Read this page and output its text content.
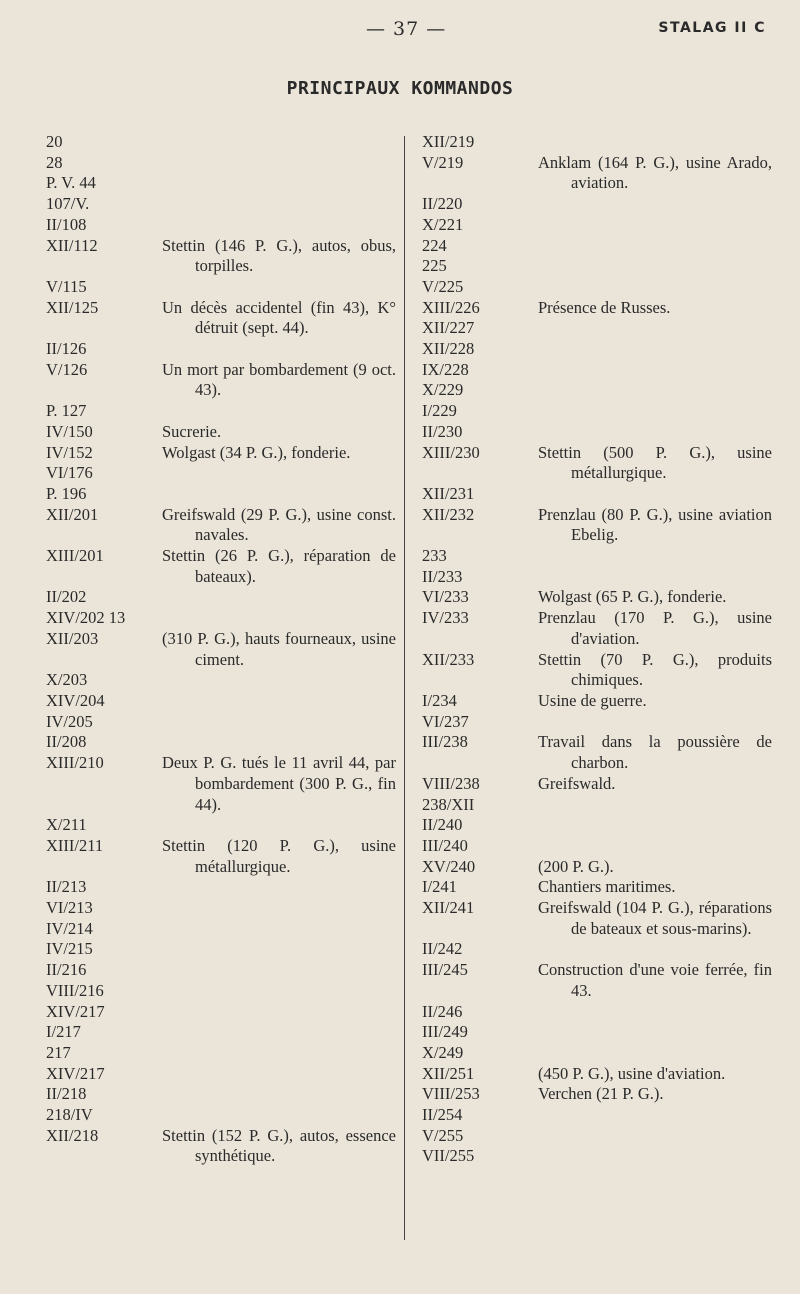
— 37 —	STALAG II C
PRINCIPAUX KOMMANDOS
20
28
P. V. 44
107/V.
II/108
XII/112	Stettin (146 P. G.), autos, obus, torpilles.
V/115
XII/125	Un décès accidentel (fin 43), K° détruit (sept. 44).
II/126
V/126	Un mort par bombardement (9 oct. 43).
P. 127
IV/150	Sucrerie.
IV/152	Wolgast (34 P. G.), fonderie.
VI/176
P. 196
XII/201	Greifswald (29 P. G.), usine const. navales.
XIII/201	Stettin (26 P. G.), réparation de bateaux).
II/202
XIV/202 13
XII/203	(310 P. G.), hauts fourneaux, usine ciment.
X/203
XIV/204
IV/205
II/208
XIII/210	Deux P. G. tués le 11 avril 44, par bombardement (300 P. G., fin 44).
X/211
XIII/211	Stettin (120 P. G.), usine métallurgique.
II/213
VI/213
IV/214
IV/215
II/216
VIII/216
XIV/217
I/217
217
XIV/217
II/218
218/IV
XII/218	Stettin (152 P. G.), autos, essence synthétique.
XII/219
V/219	Anklam (164 P. G.), usine Arado, aviation.
II/220
X/221
224
225
V/225
XIII/226	Présence de Russes.
XII/227
XII/228
IX/228
X/229
I/229
II/230
XIII/230	Stettin (500 P. G.), usine métallurgique.
XII/231
XII/232	Prenzlau (80 P. G.), usine aviation Ebelig.
233
II/233
VI/233	Wolgast (65 P. G.), fonderie.
IV/233	Prenzlau (170 P. G.), usine d'aviation.
XII/233	Stettin (70 P. G.), produits chimiques.
I/234	Usine de guerre.
VI/237
III/238	Travail dans la poussière de charbon.
VIII/238	Greifswald.
238/XII
II/240
III/240
XV/240	(200 P. G.).
I/241	Chantiers maritimes.
XII/241	Greifswald (104 P. G.), réparations de bateaux et sous-marins).
II/242
III/245	Construction d'une voie ferrée, fin 43.
II/246
III/249
X/249
XII/251	(450 P. G.), usine d'aviation.
VIII/253	Verchen (21 P. G.).
II/254
V/255
VII/255
